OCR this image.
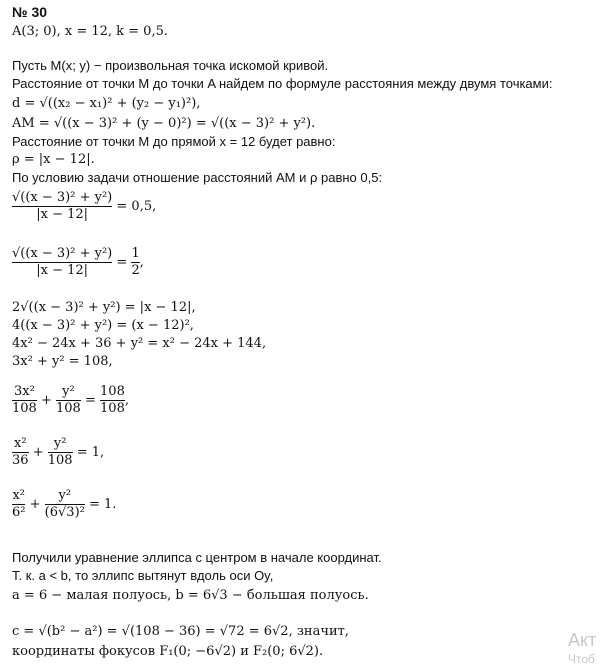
№ 30
A(3; 0), x = 12, k = 0,5.
Пусть M(x; y) − произвольная точка искомой кривой.
Расстояние от точки M до точки A найдем по формуле расстояния между двумя точками:
d = √((x₂ − x₁)² + (y₂ − y₁)²),
AM = √((x − 3)² + (y − 0)²) = √((x − 3)² + y²).
Расстояние от точки M до прямой x = 12 будет равно:
ρ = |x − 12|.
По условию задачи отношение расстояний AM и ρ равно 0,5:
$\frac{\text{√((x − 3)² + y²)}}{|x - 12|} = 0,5$,
$\frac{\text{√((x − 3)² + y²)}}{|x - 12|} = \frac{1}{2}$ ,
2√((x − 3)² + y²) = |x − 12|,
4((x − 3)² + y²) = (x − 12)²,
4x² − 24x + 36 + y² = x² − 24x + 144,
3x² + y² = 108,
$\frac{\text{3x²}}{108} + \frac{\text{y²}}{108} = \frac{108}{108}$ ,
$\frac{\text{x²}}{36} + \frac{\text{y²}}{108} = 1$,
$\frac{\text{x²}}{\text{6²}} + \frac{\text{y²}}{\text{(6√3)²}} = 1$.
Получили уравнение эллипса с центром в начале координат.
Т. к. a < b, то эллипс вытянут вдоль оси Oy,
a = 6 − малая полуось, b = 6√3 − большая полуось.
c = √(b² − a²) = √(108 − 36) = √72 = 6√2, значит,
координаты фокусов F₁(0; −6√2) и F₂(0; 6√2).
Акт
Чтоб
